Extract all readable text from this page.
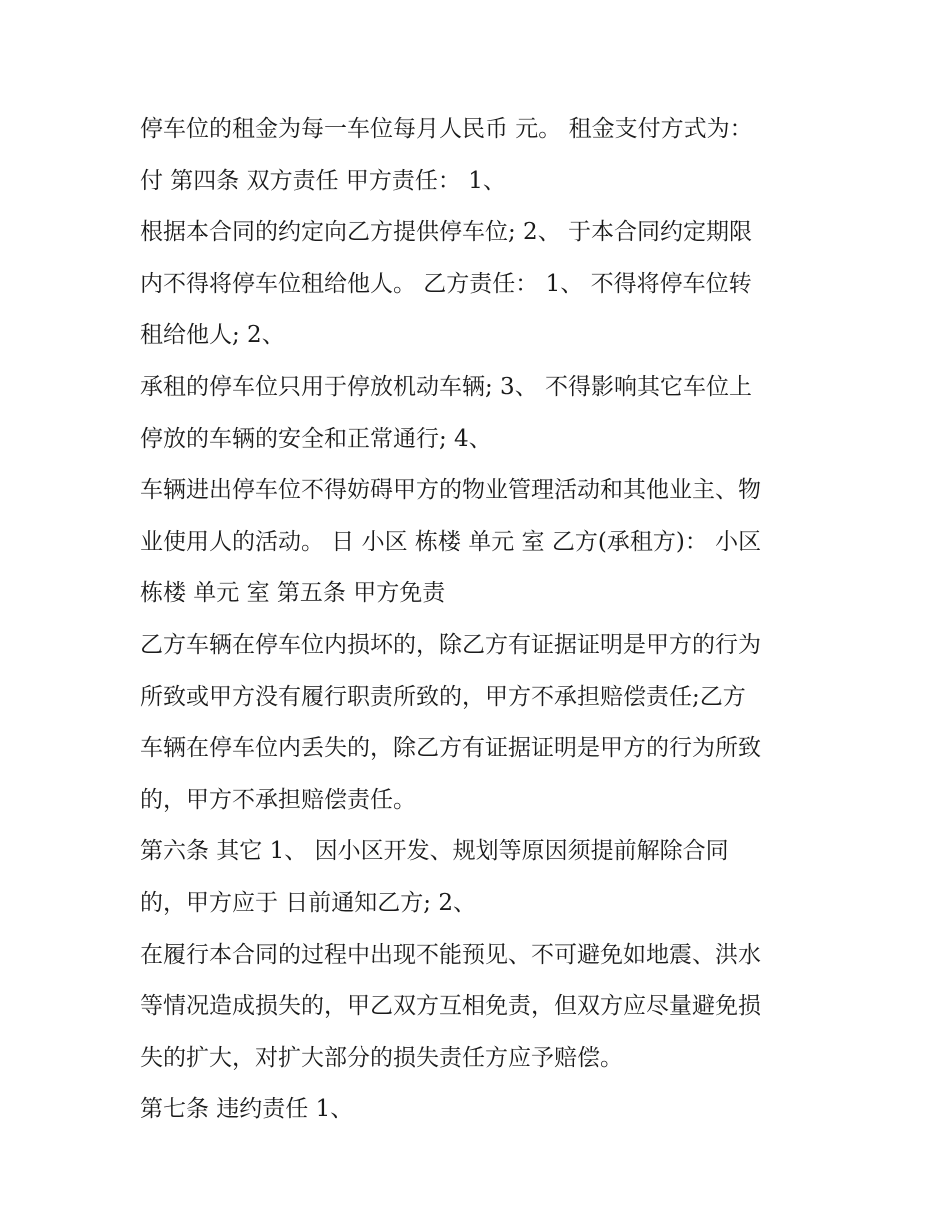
停车位的租金为每一车位每月人民币 元。 租金支付方式为：
付 第四条 双方责任 甲方责任： 1、
根据本合同的约定向乙方提供停车位; 2、 于本合同约定期限
内不得将停车位租给他人。 乙方责任： 1、 不得将停车位转
租给他人; 2、
承租的停车位只用于停放机动车辆; 3、 不得影响其它车位上
停放的车辆的安全和正常通行; 4、
车辆进出停车位不得妨碍甲方的物业管理活动和其他业主、物
业使用人的活动。 日 小区 栋楼 单元 室 乙方(承租方)： 小区
栋楼 单元 室 第五条 甲方免责
乙方车辆在停车位内损坏的，除乙方有证据证明是甲方的行为
所致或甲方没有履行职责所致的，甲方不承担赔偿责任;乙方
车辆在停车位内丢失的，除乙方有证据证明是甲方的行为所致
的，甲方不承担赔偿责任。
第六条 其它 1、 因小区开发、规划等原因须提前解除合同
的，甲方应于 日前通知乙方; 2、
在履行本合同的过程中出现不能预见、不可避免如地震、洪水
等情况造成损失的，甲乙双方互相免责，但双方应尽量避免损
失的扩大，对扩大部分的损失责任方应予赔偿。
第七条 违约责任 1、
